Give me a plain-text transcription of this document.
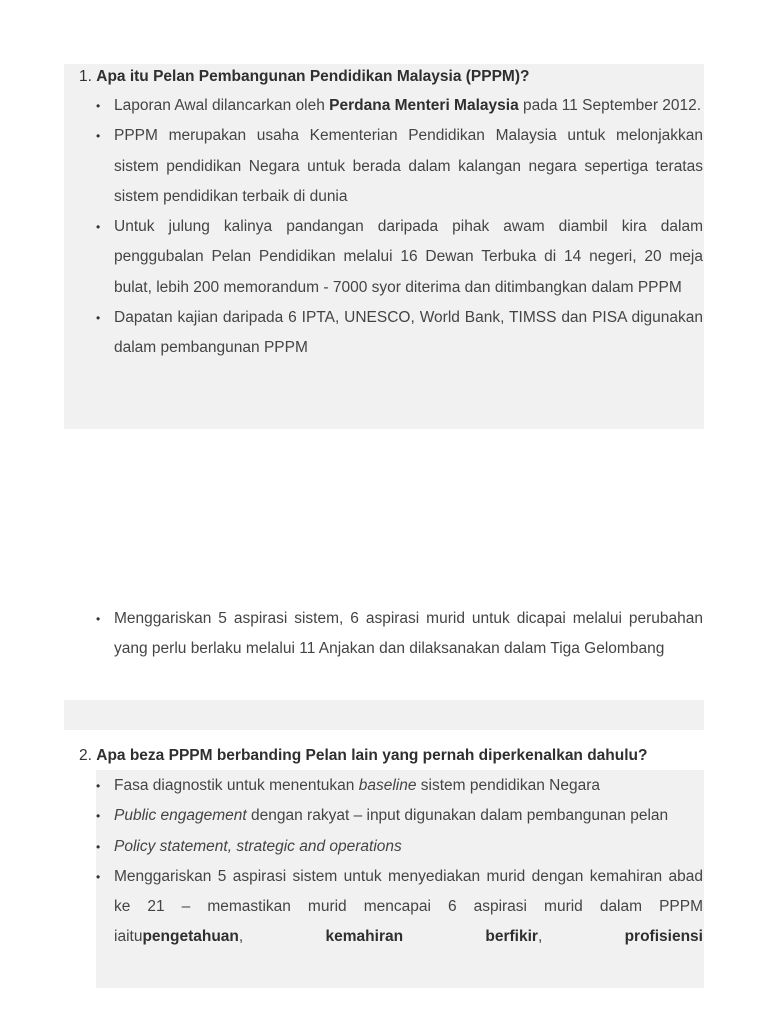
1. Apa itu Pelan Pembangunan Pendidikan Malaysia (PPPM)?
• Laporan Awal dilancarkan oleh Perdana Menteri Malaysia pada 11 September 2012.
• PPPM merupakan usaha Kementerian Pendidikan Malaysia untuk melonjakkan sistem pendidikan Negara untuk berada dalam kalangan negara sepertiga teratas sistem pendidikan terbaik di dunia
• Untuk julung kalinya pandangan daripada pihak awam diambil kira dalam penggubalan Pelan Pendidikan melalui 16 Dewan Terbuka di 14 negeri, 20 meja bulat, lebih 200 memorandum - 7000 syor diterima dan ditimbangkan dalam PPPM
• Dapatan kajian daripada 6 IPTA, UNESCO, World Bank, TIMSS dan PISA digunakan dalam pembangunan PPPM
• Menggariskan 5 aspirasi sistem, 6 aspirasi murid untuk dicapai melalui perubahan yang perlu berlaku melalui 11 Anjakan dan dilaksanakan dalam Tiga Gelombang
2. Apa beza PPPM berbanding Pelan lain yang pernah diperkenalkan dahulu?
• Fasa diagnostik untuk menentukan baseline sistem pendidikan Negara
• Public engagement dengan rakyat – input digunakan dalam pembangunan pelan
• Policy statement, strategic and operations
• Menggariskan 5 aspirasi sistem untuk menyediakan murid dengan kemahiran abad ke 21 – memastikan murid mencapai 6 aspirasi murid dalam PPPM iaitupengetahuan, kemahiran berfikir, profisiensi
